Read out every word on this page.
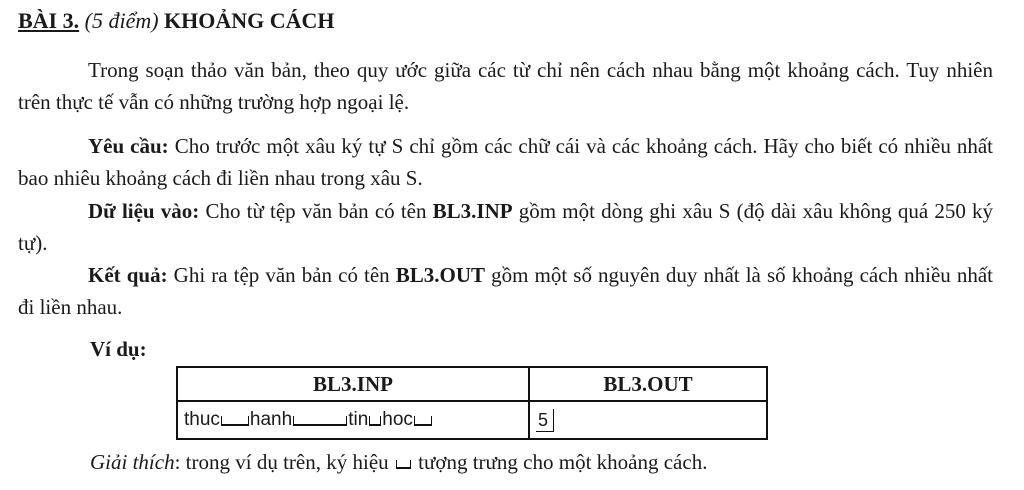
BÀI 3. (5 điểm) KHOẢNG CÁCH
Trong soạn thảo văn bản, theo quy ước giữa các từ chỉ nên cách nhau bằng một khoảng cách. Tuy nhiên trên thực tế vẫn có những trường hợp ngoại lệ.
Yêu cầu: Cho trước một xâu ký tự S chỉ gồm các chữ cái và các khoảng cách. Hãy cho biết có nhiều nhất bao nhiêu khoảng cách đi liền nhau trong xâu S.
Dữ liệu vào: Cho từ tệp văn bản có tên BL3.INP gồm một dòng ghi xâu S (độ dài xâu không quá 250 ký tự).
Kết quả: Ghi ra tệp văn bản có tên BL3.OUT gồm một số nguyên duy nhất là số khoảng cách nhiều nhất đi liền nhau.
Ví dụ:
BL3.INP	BL3.OUT
thuc hanh tin hoc	5
Giải thích: trong ví dụ trên, ký hiệu  tượng trưng cho một khoảng cách.
